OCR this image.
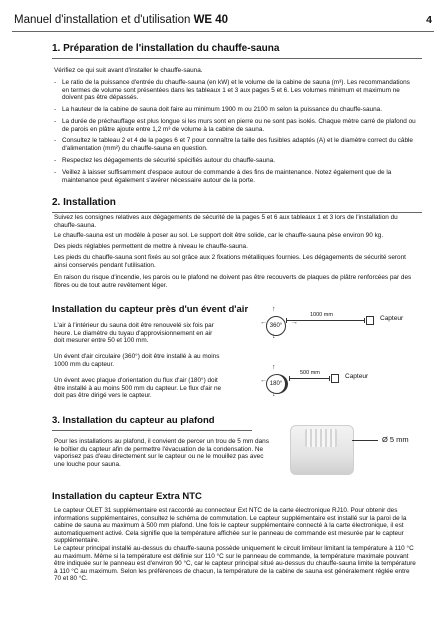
Manuel d'installation et d'utilisation WE 40	4
1. Préparation de l'installation du chauffe-sauna
Vérifiez ce qui suit avant d'installer le chauffe-sauna.
- Le ratio de la puissance d'entrée du chauffe-sauna (en kW) et le volume de la cabine de sauna (m³). Les recommandations en termes de volume sont présentées dans les tableaux 1 et 3 aux pages 5 et 6. Les volumes minimum et maximum ne doivent pas être dépassés.
- La hauteur de la cabine de sauna doit faire au minimum 1900 m ou 2100 m selon la puissance du chauffe-sauna.
- La durée de préchauffage est plus longue si les murs sont en pierre ou ne sont pas isolés. Chaque mètre carré de plafond ou de parois en plâtre ajoute entre 1,2 m³ de volume à la cabine de sauna.
- Consultez le tableau 2 et 4 de la pages 6 et 7 pour connaître la taille des fusibles adaptés (A) et le diamètre correct du câble d'alimentation (mm²) du chauffe-sauna en question.
- Respectez les dégagements de sécurité spécifiés autour du chauffe-sauna.
- Veillez à laisser suffisamment d'espace autour de commande à des fins de maintenance. Notez également que de la maintenance peut également s'avérer nécessaire autour de la porte.
2. Installation
Suivez les consignes relatives aux dégagements de sécurité de la pages 5 et 6 aux tableaux 1 et 3 lors de l'installation du chauffe-sauna.
Le chauffe-sauna est un modèle à poser au sol. Le support doit être solide, car le chauffe-sauna pèse environ 90 kg.
Des pieds réglables permettent de mettre à niveau le chauffe-sauna.
Les pieds du chauffe-sauna sont fixés au sol grâce aux 2 fixations métalliques fournies. Les dégagements de sécurité seront ainsi conservés pendant l'utilisation.
En raison du risque d'incendie, les parois ou le plafond ne doivent pas être recouverts de plaques de plâtre renforcées par des fibres ou de tout autre revêtement léger.
Installation du capteur près d'un évent d'air
L'air à l'intérieur du sauna doit être renouvelé six fois par heure. Le diamètre du tuyau d'approvisionnement en air doit mesurer entre 50 et 100 mm.
Un évent d'air circulaire (360°) doit être installé à au moins 1000 mm du capteur.
Un évent avec plaque d'orientation du flux d'air (180°) doit être installé à au moins 500 mm du capteur. Le flux d'air ne doit pas être dirigé vers le capteur.
↑
←	→
↓
360°
1000 mm	Capteur
↑
←
↓
180°
500 mm	Capteur
3. Installation du capteur au plafond
Pour les installations au plafond, il convient de percer un trou de 5 mm dans le boîtier du capteur afin de permettre l'évacuation de la condensation. Ne vaporisez pas d'eau directement sur le capteur ou ne le mouillez pas avec une louche pour sauna.
Ø 5 mm
Installation du capteur Extra NTC
Le capteur OLET 31 supplémentaire est raccordé au connecteur Ext NTC de la carte électronique RJ10. Pour obtenir des informations supplémentaires, consultez le schéma de commutation. Le capteur supplémentaire est installé sur la paroi de la cabine de sauna au maximum à 500 mm plafond. Une fois le capteur supplémentaire connecté à la carte électronique, il est automatiquement activé. Cela signifie que la température affichée sur le panneau de commande est mesurée par le capteur supplémentaire.
Le capteur principal installé au-dessus du chauffe-sauna possède uniquement le circuit limiteur limitant la température à 110 °C au maximum. Même si la température est définie sur 110 °C sur le panneau de commande, la température maximale pouvant être indiquée sur le panneau est d'environ 90 °C, car le capteur principal situé au-dessus du chauffe-sauna limite la température à 110 °C au maximum. Selon les préférences de chacun, la température de la cabine de sauna est généralement réglée entre 70 et 80 °C.
